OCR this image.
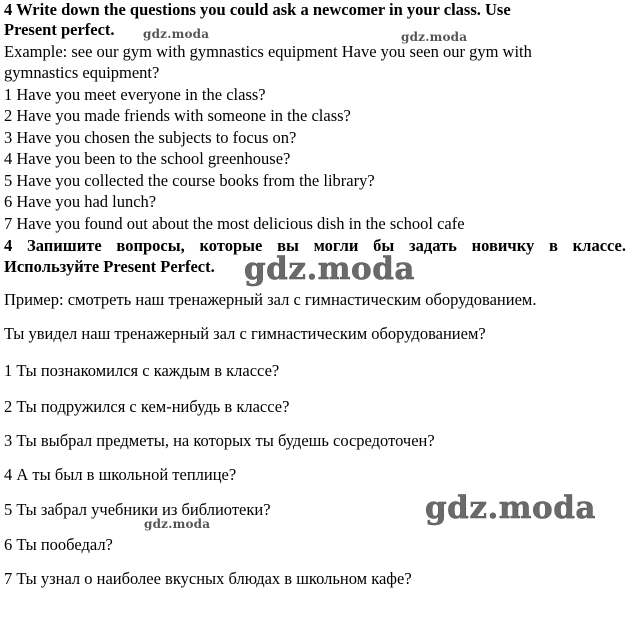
4 Write down the questions you could ask a newcomer in your class. Use
Present perfect.
Example: see our gym with gymnastics equipment Have you seen our gym with
gymnastics equipment?
1 Have you meet everyone in the class?
2 Have you made friends with someone in the class?
3 Have you chosen the subjects to focus on?
4 Have you been to the school greenhouse?
5 Have you collected the course books from the library?
6 Have you had lunch?
7 Have you found out about the most delicious dish in the school cafe
4 Запишите вопросы, которые вы могли бы задать новичку в классе.
Используйте Present Perfect.
Пример: смотреть наш тренажерный зал с гимнастическим оборудованием.
Ты увидел наш тренажерный зал с гимнастическим оборудованием?
1 Ты познакомился с каждым в классе?
2 Ты подружился с кем-нибудь в классе?
3 Ты выбрал предметы, на которых ты будешь сосредоточен?
4 А ты был в школьной теплице?
5 Ты забрал учебники из библиотеки?
6 Ты пообедал?
7 Ты узнал о наиболее вкусных блюдах в школьном кафе?
gdz.moda	gdz.moda
gdz.moda
gdz.moda
gdz.moda
